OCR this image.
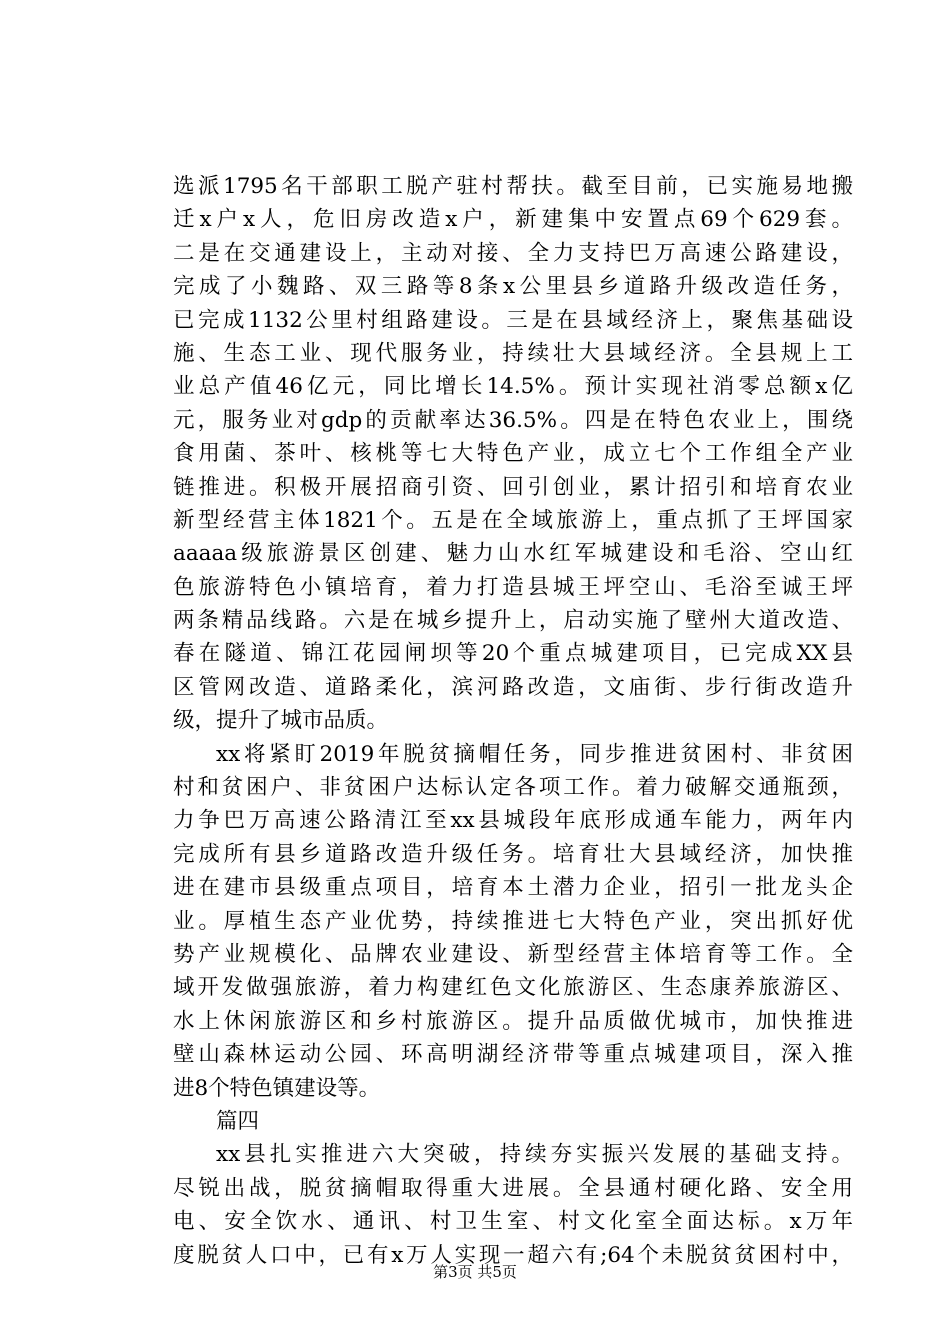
选派1795名干部职工脱产驻村帮扶。截至目前，已实施易地搬
迁x户x人，危旧房改造x户，新建集中安置点69个629套。
二是在交通建设上，主动对接、全力支持巴万高速公路建设，
完成了小魏路、双三路等8条x公里县乡道路升级改造任务，
已完成1132公里村组路建设。三是在县域经济上，聚焦基础设
施、生态工业、现代服务业，持续壮大县域经济。全县规上工
业总产值46亿元，同比增长14.5%。预计实现社消零总额x亿
元，服务业对gdp的贡献率达36.5%。四是在特色农业上，围绕
食用菌、茶叶、核桃等七大特色产业，成立七个工作组全产业
链推进。积极开展招商引资、回引创业，累计招引和培育农业
新型经营主体1821个。五是在全域旅游上，重点抓了王坪国家
aaaaa级旅游景区创建、魅力山水红军城建设和毛浴、空山红
色旅游特色小镇培育，着力打造县城王坪空山、毛浴至诚王坪
两条精品线路。六是在城乡提升上，启动实施了壁州大道改造、
春在隧道、锦江花园闸坝等20个重点城建项目，已完成XX县
区管网改造、道路柔化，滨河路改造，文庙街、步行街改造升
级，提升了城市品质。
xx将紧盯2019年脱贫摘帽任务，同步推进贫困村、非贫困
村和贫困户、非贫困户达标认定各项工作。着力破解交通瓶颈，
力争巴万高速公路清江至xx县城段年底形成通车能力，两年内
完成所有县乡道路改造升级任务。培育壮大县域经济，加快推
进在建市县级重点项目，培育本土潜力企业，招引一批龙头企
业。厚植生态产业优势，持续推进七大特色产业，突出抓好优
势产业规模化、品牌农业建设、新型经营主体培育等工作。全
域开发做强旅游，着力构建红色文化旅游区、生态康养旅游区、
水上休闲旅游区和乡村旅游区。提升品质做优城市，加快推进
壁山森林运动公园、环高明湖经济带等重点城建项目，深入推
进8个特色镇建设等。
篇四
xx县扎实推进六大突破，持续夯实振兴发展的基础支持。
尽锐出战，脱贫摘帽取得重大进展。全县通村硬化路、安全用
电、安全饮水、通讯、村卫生室、村文化室全面达标。x万年
度脱贫人口中，已有x万人实现一超六有;64个未脱贫贫困村中，
第3页 共5页
